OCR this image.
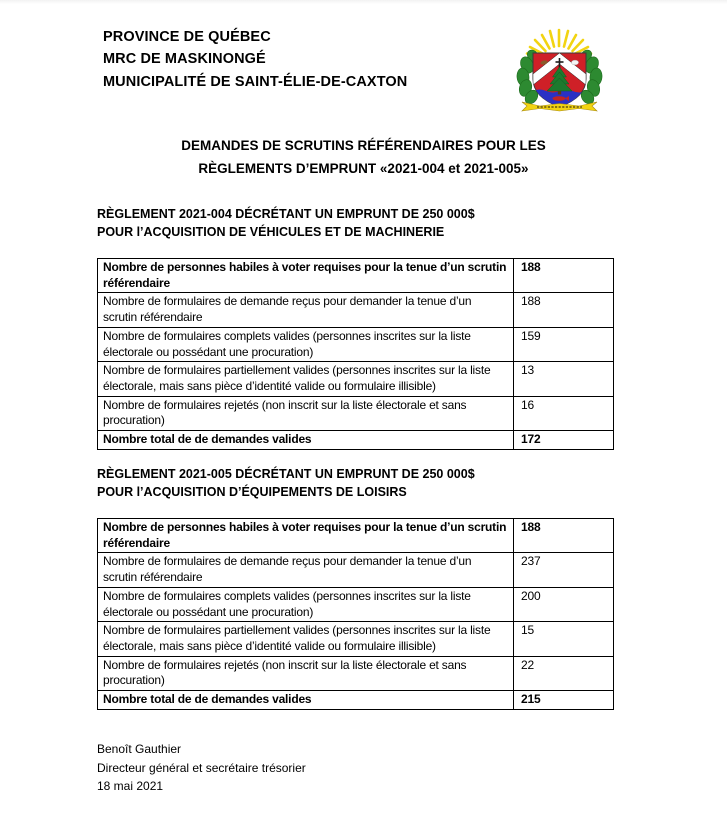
PROVINCE DE QUÉBEC
MRC DE MASKINONGÉ
MUNICIPALITÉ DE SAINT-ÉLIE-DE-CAXTON
DEMANDES DE SCRUTINS RÉFÉRENDAIRES POUR LES
RÈGLEMENTS D’EMPRUNT «2021-004 et 2021-005»
RÈGLEMENT 2021-004 DÉCRÉTANT UN EMPRUNT DE 250 000$
POUR l’ACQUISITION DE VÉHICULES ET DE MACHINERIE
Nombre de personnes habiles à voter requises pour la tenue d’un scrutin référendaire	188
Nombre de formulaires de demande reçus pour demander la tenue d’un scrutin référendaire	188
Nombre de formulaires complets valides (personnes inscrites sur la liste électorale ou possédant une procuration)	159
Nombre de formulaires partiellement valides (personnes inscrites sur la liste électorale, mais sans pièce d’identité valide ou formulaire illisible)	13
Nombre de formulaires rejetés (non inscrit sur la liste électorale et sans procuration)	16
Nombre total de de demandes valides	172
RÈGLEMENT 2021-005 DÉCRÉTANT UN EMPRUNT DE 250 000$
POUR l’ACQUISITION D’ÉQUIPEMENTS DE LOISIRS
Nombre de personnes habiles à voter requises pour la tenue d’un scrutin référendaire	188
Nombre de formulaires de demande reçus pour demander la tenue d’un scrutin référendaire	237
Nombre de formulaires complets valides (personnes inscrites sur la liste électorale ou possédant une procuration)	200
Nombre de formulaires partiellement valides (personnes inscrites sur la liste électorale, mais sans pièce d’identité valide ou formulaire illisible)	15
Nombre de formulaires rejetés (non inscrit sur la liste électorale et sans procuration)	22
Nombre total de de demandes valides	215
Benoît Gauthier
Directeur général et secrétaire trésorier
18 mai 2021
